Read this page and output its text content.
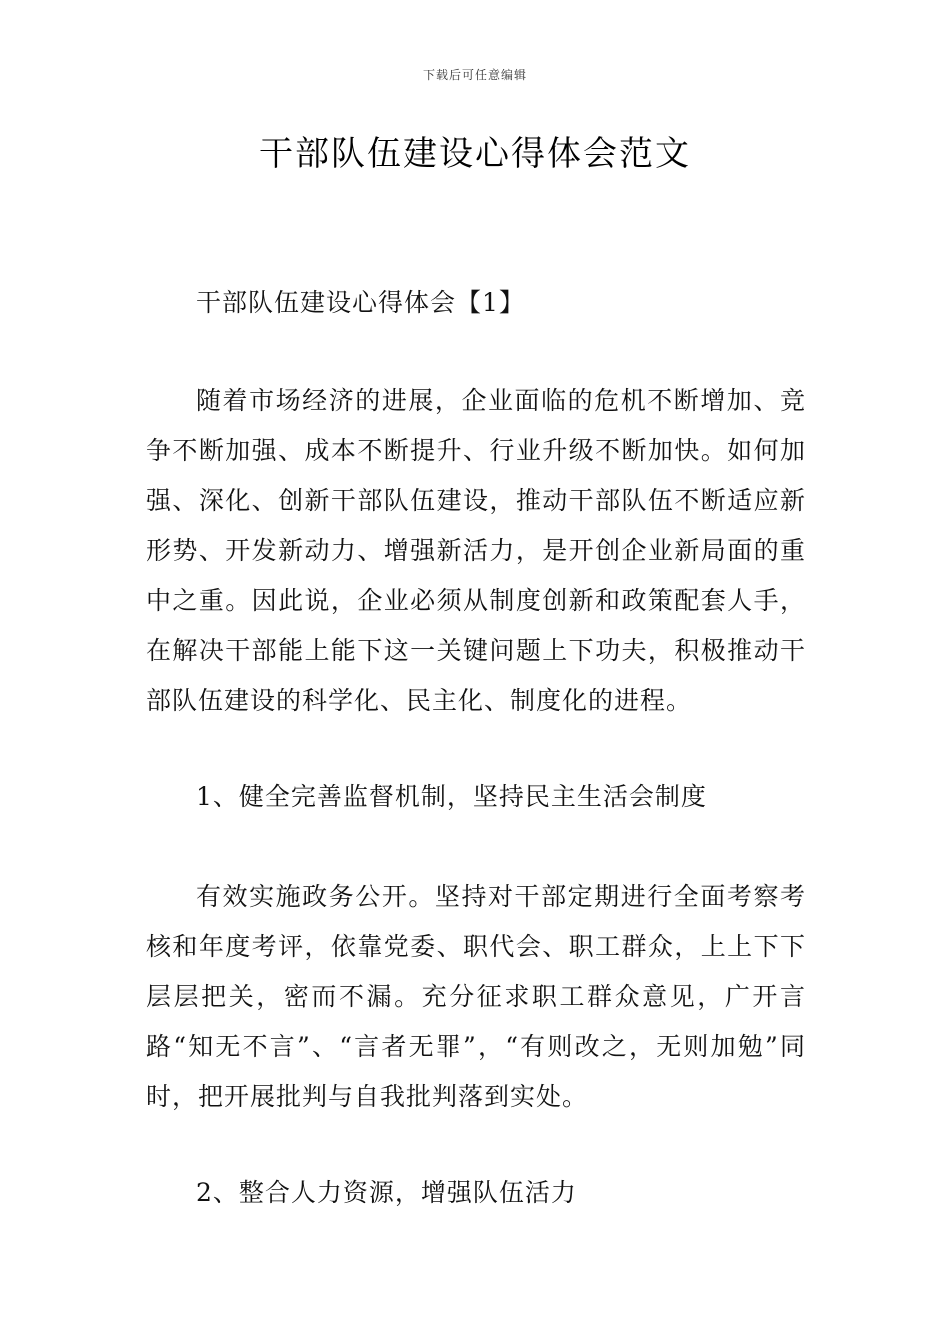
下载后可任意编辑
干部队伍建设心得体会范文
干部队伍建设心得体会【1】

随着市场经济的进展，企业面临的危机不断增加、竞争不断加强、成本不断提升、行业升级不断加快。如何加强、深化、创新干部队伍建设，推动干部队伍不断适应新形势、开发新动力、增强新活力，是开创企业新局面的重中之重。因此说，企业必须从制度创新和政策配套人手，在解决干部能上能下这一关键问题上下功夫，积极推动干部队伍建设的科学化、民主化、制度化的进程。

1、健全完善监督机制，坚持民主生活会制度

有效实施政务公开。坚持对干部定期进行全面考察考核和年度考评，依靠党委、职代会、职工群众，上上下下层层把关，密而不漏。充分征求职工群众意见，广开言路“知无不言”、“言者无罪”，“有则改之，无则加勉”同时，把开展批判与自我批判落到实处。

2、整合人力资源，增强队伍活力
